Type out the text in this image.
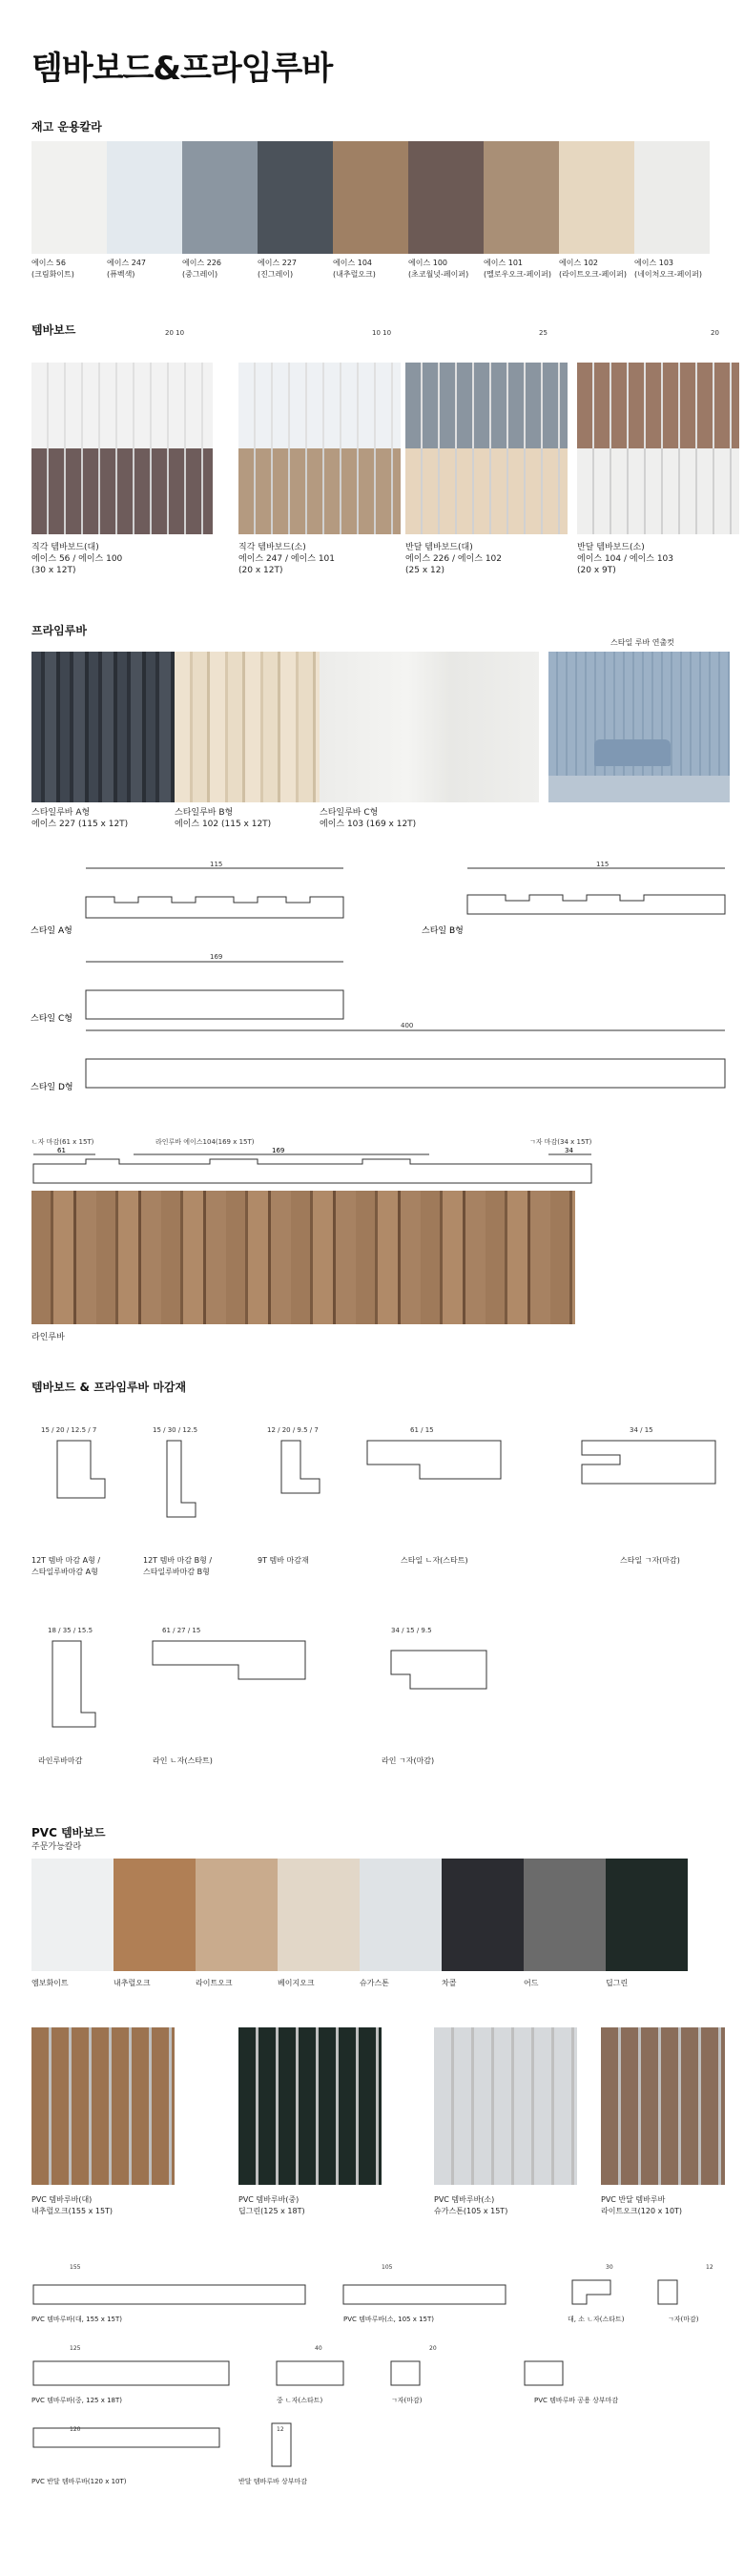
템바보드&프라임루바
재고 운용칼라
에이스 56
(크림화이트)
에이스 247
(퓨벡색)
에이스 226
(중그레이)
에이스 227
(진그레이)
에이스 104
(내추럴오크)
에이스 100
(초코월넛-페이퍼)
에이스 101
(멜로우오크-페이퍼)
에이스 102
(라이트오크-페이퍼)
에이스 103
(네이처오크-페이퍼)
템바보드	20 10
직각 템바보드(대)
에이스 56 / 에이스 100
(30 x 12T)
10 10
직각 템바보드(소)
에이스 247 / 에이스 101
(20 x 12T)
25
반달 템바보드(대)
에이스 226 / 에이스 102
(25 x 12)
20
반달 템바보드(소)
에이스 104 / 에이스 103
(20 x 9T)
프라임루바
스타일 루바 연출컷
스타일루바 A형
에이스 227 (115 x 12T)
스타일루바 B형
에이스 102 (115 x 12T)
스타일루바 C형
에이스 103 (169 x 12T)
스타일 A형
115
스타일 B형
115
스타일 C형
169
스타일 D형
400
ㄴ자 마감(61 x 15T)	라인루바 에이스104(169 x 15T)	ㄱ자 마감(34 x 15T)
61	169	34
라인루바
템바보드 & 프라임루바 마감재
12T 템바 마감 A형 /
스타일루바마감 A형
15 / 20 / 12.5 / 7
12T 템바 마감 B형 /
스타일루바마감 B형
15 / 30 / 12.5
9T 템바 마감재
12 / 20 / 9.5 / 7
스타일 ㄴ자(스타트)
61 / 15
스타일 ㄱ자(마감)
34 / 15
라인루바마감
18 / 35 / 15.5
라인 ㄴ자(스타트)
61 / 27 / 15
라인 ㄱ자(마감)
34 / 15 / 9.5
PVC 템바보드
주문가능칼라
엠보화이트	내추럴오크	라이트오크	베이지오크	슈가스톤	차콜	어드	딥그린
PVC 템바루바(대)
내추럴오크(155 x 15T)
PVC 템바루바(중)
딥그린(125 x 18T)
PVC 템바루바(소)
슈가스톤(105 x 15T)
PVC 반달 템바루바
라이트오크(120 x 10T)
PVC 템바루바(대, 155 x 15T)
155
PVC 템바루바(소, 105 x 15T)
105
대, 소 ㄴ자(스타트)
30
ㄱ자(마감)
12
PVC 템바루바(중, 125 x 18T)
125
중 ㄴ자(스타트)
40
ㄱ자(마감)
20
PVC 템바루바 공용 상부마감
PVC 반달 템바루바(120 x 10T)
120
반달 템바루바 상부마감
12
